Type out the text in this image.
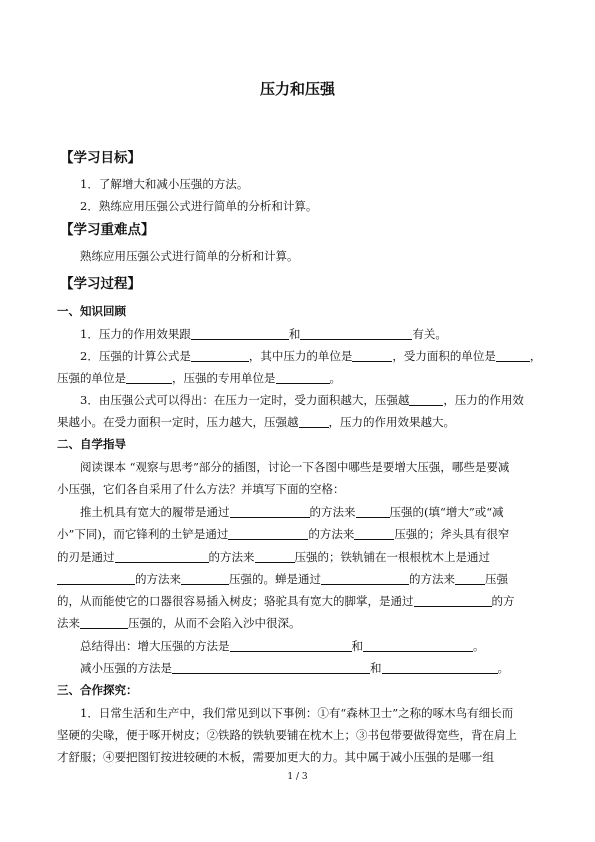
压力和压强
【学习目标】
1．了解增大和减小压强的方法。
2．熟练应用压强公式进行简单的分析和计算。
【学习重难点】
熟练应用压强公式进行简单的分析和计算。
【学习过程】
一、知识回顾
1．压力的作用效果跟	和	有关。
2．压强的计算公式是	，其中压力的单位是	，受力面积的单位是	，
压强的单位是	，压强的专用单位是	。
3．由压强公式可以得出：在压力一定时，受力面积越大，压强越	，压力的作用效
果越小。在受力面积一定时，压力越大，压强越	，压力的作用效果越大。
二、自学指导
阅读课本 “观察与思考”部分的插图，讨论一下各图中哪些是要增大压强，哪些是要减
小压强，它们各自采用了什么方法？并填写下面的空格：
推土机具有宽大的履带是通过	的方法来	压强的(填“增大”或“减
小”下同)，而它锋利的土铲是通过	的方法来	压强的；斧头具有很窄
的刃是通过	的方法来	压强的；铁轨铺在一根根枕木上是通过
的方法来	压强的。蝉是通过	的方法来	压强
的，从而能使它的口器很容易插入树皮；骆驼具有宽大的脚掌，是通过	的方
法来	压强的，从而不会陷入沙中很深。
总结得出：增大压强的方法是	和	。
减小压强的方法是	和	。
三、合作探究：
1．日常生活和生产中，我们常见到以下事例：①有“森林卫士”之称的啄木鸟有细长而
坚硬的尖喙，便于啄开树皮；②铁路的铁轨要铺在枕木上；③书包带要做得宽些，背在肩上
才舒服；④要把图钉按进较硬的木板，需要加更大的力。其中属于减小压强的是哪一组
1 / 3
